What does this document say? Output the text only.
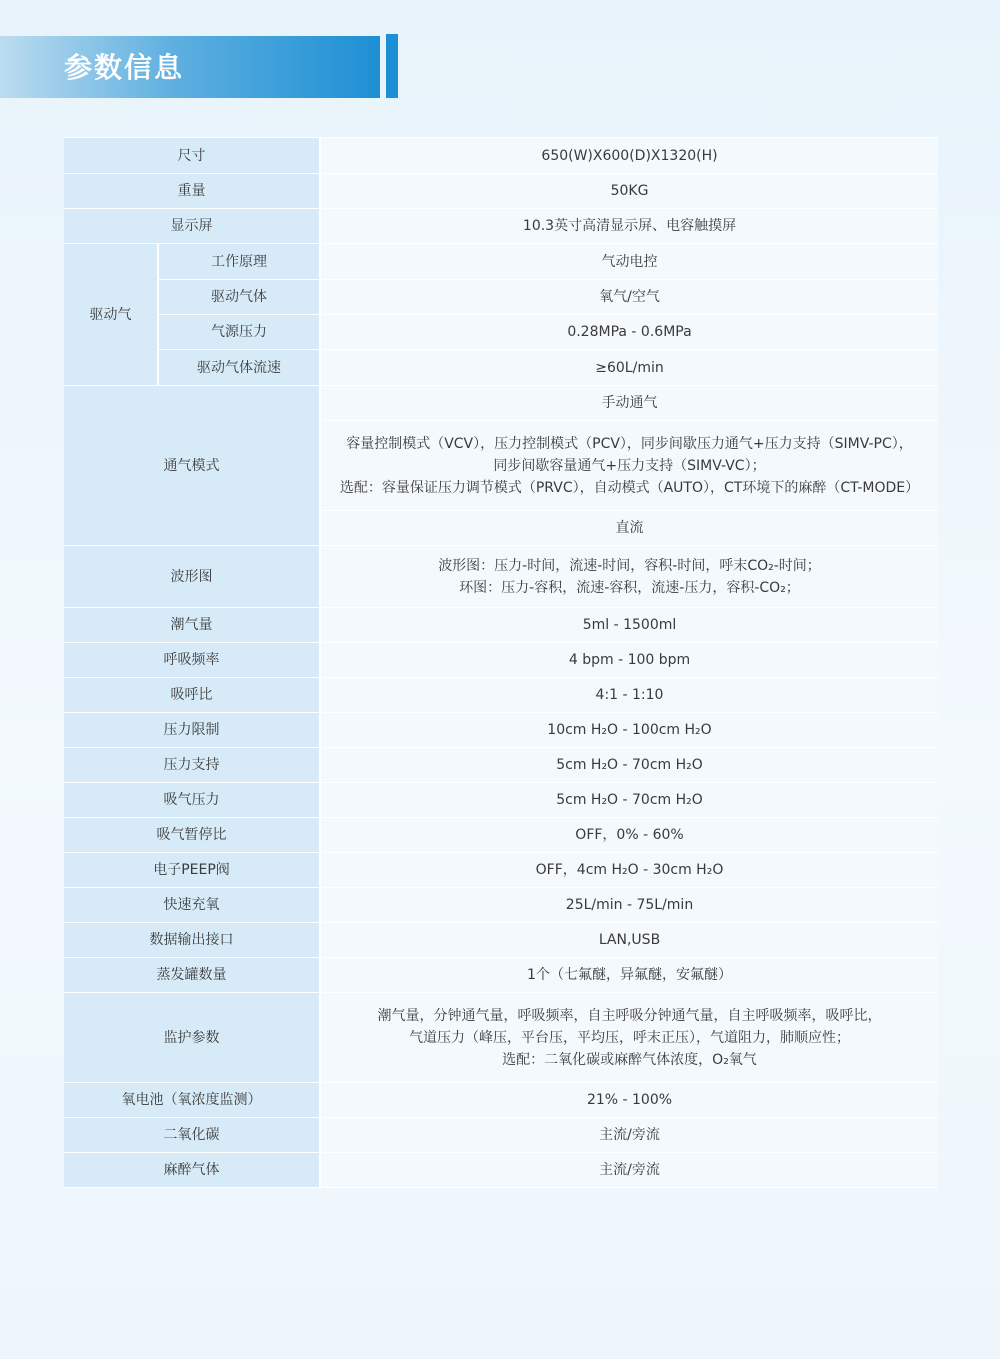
参数信息
尺寸		650(W)X600(D)X1320(H)
重量		50KG
显示屏		10.3英寸高清显示屏、电容触摸屏
驱动气	工作原理	气动电控
	驱动气体	氧气/空气
	气源压力	0.28MPa - 0.6MPa
	驱动气体流速	≥60L/min
通气模式		手动通气

		容量控制模式（VCV），压力控制模式（PCV），同步间歇压力通气+压力支持（SIMV-PC），
同步间歇容量通气+压力支持（SIMV-VC）；
选配：容量保证压力调节模式（PRVC），自动模式（AUTO），CT环境下的麻醉（CT-MODE）

		直流
波形图		波形图：压力-时间，流速-时间，容积-时间，呼末CO₂-时间；
环图：压力-容积，流速-容积，流速-压力，容积-CO₂；

潮气量		5ml - 1500ml
呼吸频率		4 bpm - 100 bpm
吸呼比		4:1 - 1:10
压力限制		10cm H₂O - 100cm H₂O
压力支持		5cm H₂O - 70cm H₂O
吸气压力		5cm H₂O - 70cm H₂O
吸气暂停比		OFF，0% - 60%
电子PEEP阀		OFF，4cm H₂O - 30cm H₂O
快速充氧		25L/min - 75L/min
数据输出接口		LAN,USB
蒸发罐数量		1个（七氟醚，异氟醚，安氟醚）
监护参数		潮气量，分钟通气量，呼吸频率，自主呼吸分钟通气量，自主呼吸频率，吸呼比，
气道压力（峰压，平台压，平均压，呼末正压），气道阻力，肺顺应性；
选配：二氧化碳或麻醉气体浓度，O₂氧气

氧电池（氧浓度监测）		21% - 100%
二氧化碳		主流/旁流
麻醉气体		主流/旁流
